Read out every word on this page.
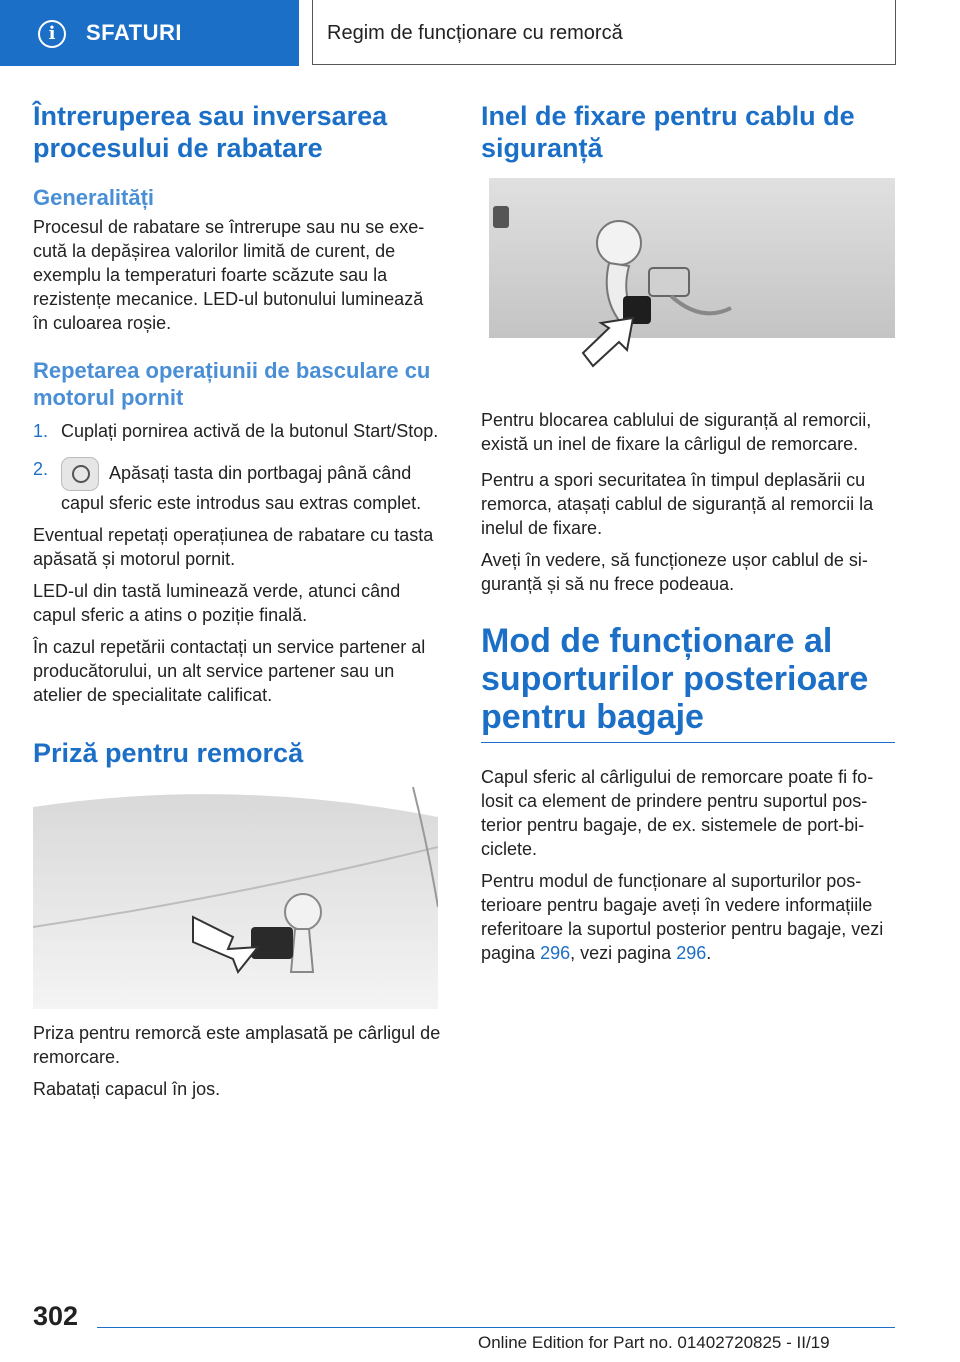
i	SFATURI	Regim de funcționare cu remorcă
Întreruperea sau inversarea procesului de rabatare
Generalități

Procesul de rabatare se întrerupe sau nu se execută la depășirea valorilor limită de curent, de exemplu la temperaturi foarte scăzute sau la rezistențe mecanice. LED-ul butonului luminează în culoarea roșie.

Repetarea operațiunii de basculare cu motorul pornit
1. Cuplați pornirea activă de la butonul Start/Stop.
2.	Apăsați tasta din portbagaj până când capul sferic este introdus sau extras complet.

Eventual repetați operațiunea de rabatare cu tasta apăsată și motorul pornit.

LED-ul din tastă luminează verde, atunci când capul sferic a atins o poziție finală.

În cazul repetării contactați un service partener al producătorului, un alt service partener sau un atelier de specialitate calificat.

Priză pentru remorcă

Priza pentru remorcă este amplasată pe cârligul de remorcare.

Rabatați capacul în jos.

Inel de fixare pentru cablu de siguranță

Pentru blocarea cablului de siguranță al remorcii, există un inel de fixare la cârligul de remorcare.

Pentru a spori securitatea în timpul deplasării cu remorca, atașați cablul de siguranță al remorcii la inelul de fixare.

Aveți în vedere, să funcționeze ușor cablul de siguranță și să nu frece podeaua.

Mod de funcționare al suporturilor posterioare pentru bagaje

Capul sferic al cârligului de remorcare poate fi folosit ca element de prindere pentru suportul posterior pentru bagaje, de ex. sistemele de port-biciclete.

Pentru modul de funcționare al suporturilor posterioare pentru bagaje aveți în vedere informațiile referitoare la suportul posterior pentru bagaje, vezi pagina 296, vezi pagina 296.

302
Online Edition for Part no. 01402720825 - II/19
